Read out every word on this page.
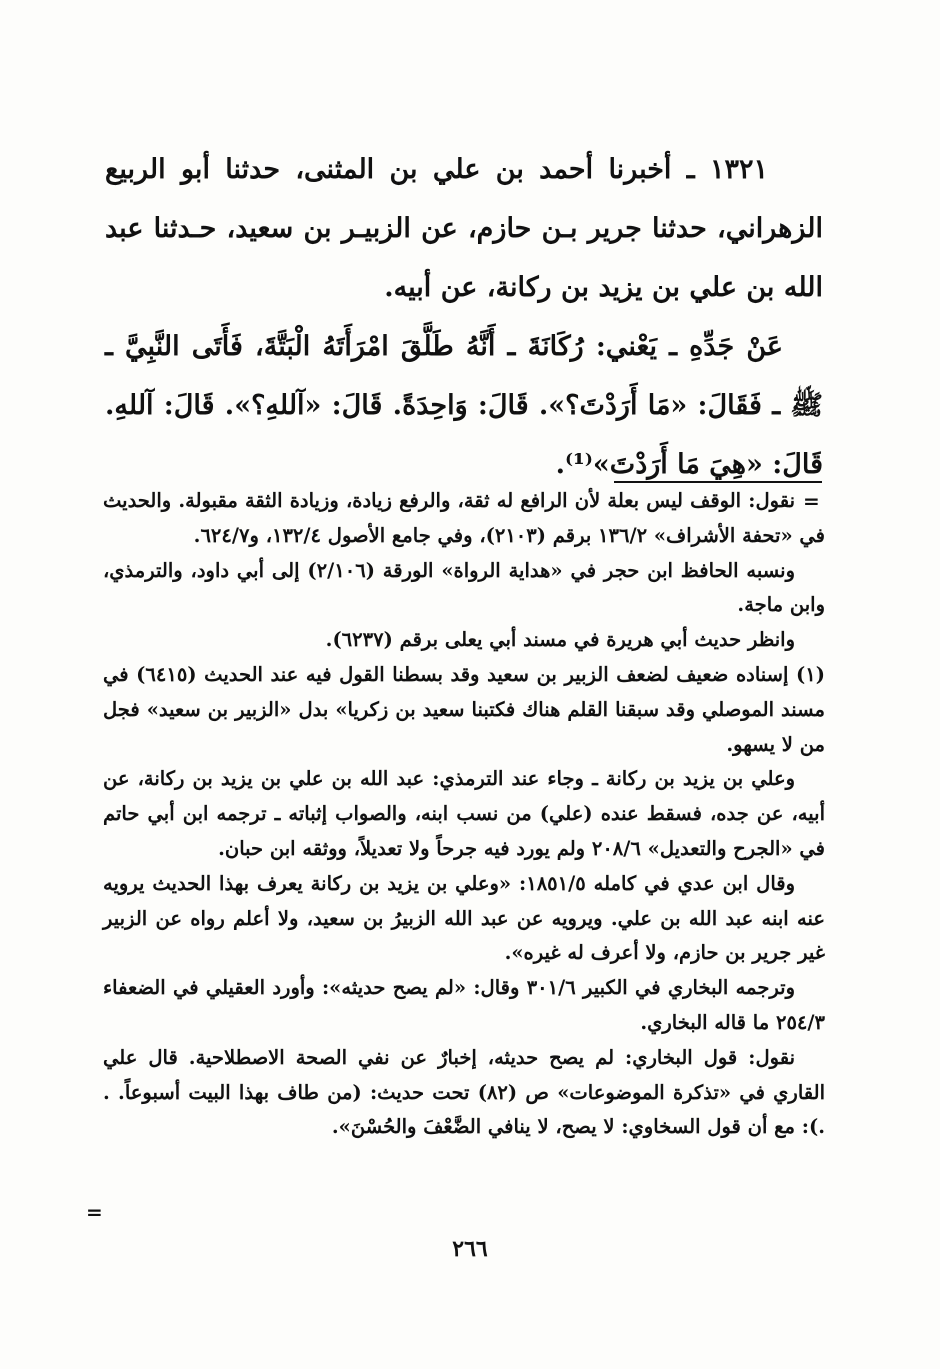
١٣٢١ ـ أخبرنا أحمد بن علي بن المثنى، حدثنا أبو الربيع الزهراني، حدثنا جرير بـن حازم، عن الزبيـر بن سعيد، حـدثنا عبد الله بن علي بن يزيد بن ركانة، عن أبيه.

عَنْ جَدِّهِ ـ يَعْني: رُكَانَةَ ـ أَنَّهُ طَلَّقَ امْرَأَتَهُ الْبَتَّةَ، فَأَتَى النَّبِيَّ ـ ﷺ ـ فَقَالَ: «مَا أَرَدْتَ؟». قَالَ: وَاحِدَةً. قَالَ: «آللهِ؟». قَالَ: آللهِ. قَالَ: «هِيَ مَا أَرَدْتَ»⁽¹⁾.

=

نقول: الوقف ليس بعلة لأن الرافع له ثقة، والرفع زيادة، وزيادة الثقة مقبولة. والحديث في «تحفة الأشراف» ١٣٦/٢ برقم (٢١٠٣)، وفي جامع الأصول ١٣٢/٤، و٦٢٤/٧.

ونسبه الحافظ ابن حجر في «هداية الرواة» الورقة (٢/١٠٦) إلى أبي داود، والترمذي، وابن ماجة.

وانظر حديث أبي هريرة في مسند أبي يعلى برقم (٦٢٣٧).

(١) إسناده ضعيف لضعف الزبير بن سعيد وقد بسطنا القول فيه عند الحديث (٦٤١٥) في مسند الموصلي وقد سبقنا القلم هناك فكتبنا سعيد بن زكريا» بدل «الزبير بن سعيد» فجل من لا يسهو.

وعلي بن يزيد بن ركانة ـ وجاء عند الترمذي: عبد الله بن علي بن يزيد بن ركانة، عن أبيه، عن جده، فسقط عنده (علي) من نسب ابنه، والصواب إثباته ـ ترجمه ابن أبي حاتم في «الجرح والتعديل» ٢٠٨/٦ ولم يورد فيه جرحاً ولا تعديلاً، ووثقه ابن حبان.

وقال ابن عدي في كامله ١٨٥١/٥: «وعلي بن يزيد بن ركانة يعرف بهذا الحديث يرويه عنه ابنه عبد الله بن علي. ويرويه عن عبد الله الزبيرُ بن سعيد، ولا أعلم رواه عن الزبير غير جرير بن حازم، ولا أعرف له غيره».

وترجمه البخاري في الكبير ٣٠١/٦ وقال: «لم يصح حديثه»: وأورد العقيلي في الضعفاء ٢٥٤/٣ ما قاله البخاري.

نقول: قول البخاري: لم يصح حديثه، إخبارٌ عن نفي الصحة الاصطلاحية. قال علي القاري في «تذكرة الموضوعات» ص (٨٢) تحت حديث: (من طاف بهذا البيت أسبوعاً. . .): مع أن قول السخاوي: لا يصح، لا ينافي الضَّعْفَ والحُسْنَ».

=
٢٦٦
